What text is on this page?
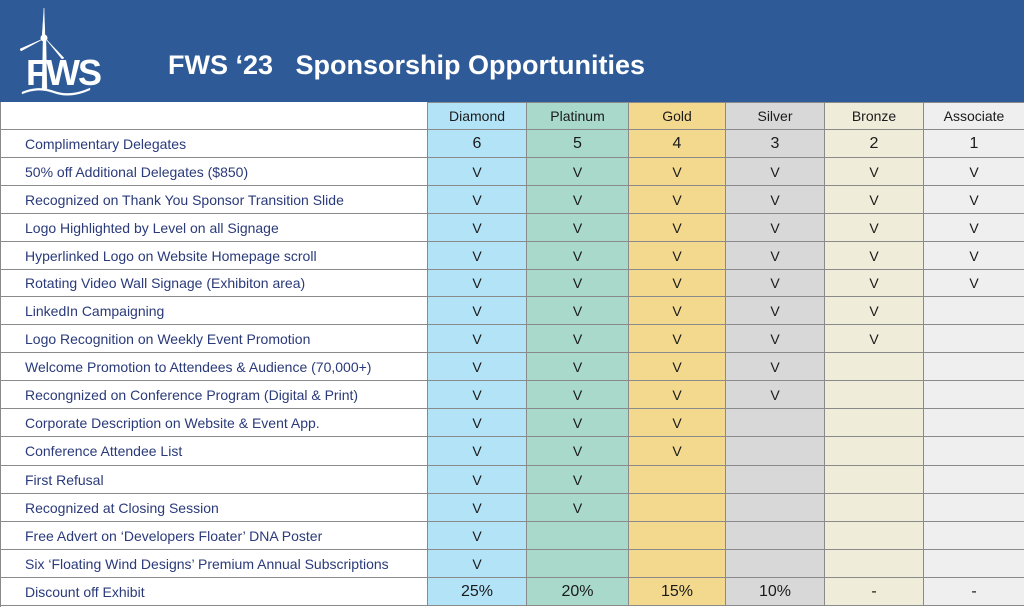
FWS	FWS ‘23   Sponsorship Opportunities
Diamond	Platinum	Gold	Silver	Bronze	Associate
Complimentary Delegates	6	5	4	3	2	1
50% off Additional Delegates ($850)	V	V	V	V	V	V
Recognized on Thank You Sponsor Transition Slide	V	V	V	V	V	V
Logo Highlighted by Level on all Signage	V	V	V	V	V	V
Hyperlinked Logo on Website Homepage scroll	V	V	V	V	V	V
Rotating Video Wall Signage (Exhibiton area)	V	V	V	V	V	V
LinkedIn Campaigning	V	V	V	V	V
Logo Recognition on Weekly Event Promotion	V	V	V	V	V
Welcome Promotion to Attendees & Audience (70,000+)	V	V	V	V
Recongnized on Conference Program (Digital & Print)	V	V	V	V
Corporate Description on Website & Event App.	V	V	V
Conference Attendee List	V	V	V
First Refusal	V	V
Recognized at Closing Session	V	V
Free Advert on ‘Developers Floater’ DNA Poster	V
Six ‘Floating Wind Designs’ Premium Annual Subscriptions	V
Discount off Exhibit	25%	20%	15%	10%	-	-
